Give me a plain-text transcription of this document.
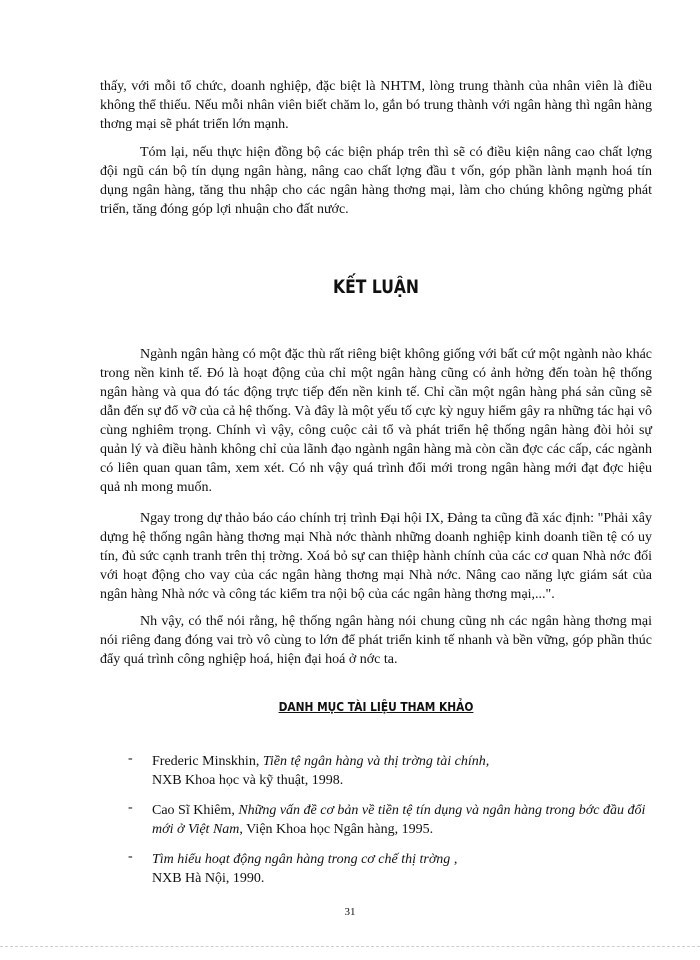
thấy, với mỗi tổ chức, doanh nghiệp, đặc biệt là NHTM, lòng trung thành của nhân viên là điều không thể thiếu. Nếu mỗi nhân viên biết chăm lo, gắn bó trung thành với ngân hàng thì ngân hàng thơng mại sẽ phát triển lớn mạnh.

Tóm lại, nếu thực hiện đồng bộ các biện pháp trên thì sẽ có điều kiện nâng cao chất lợng đội ngũ cán bộ tín dụng ngân hàng, nâng cao chất lợng đầu t vốn, góp phần lành mạnh hoá tín dụng ngân hàng, tăng thu nhập cho các ngân hàng thơng mại, làm cho chúng không ngừng phát triển, tăng đóng góp lợi nhuận cho đất nước.

KẾT LUẬN

Ngành ngân hàng có một đặc thù rất riêng biệt không giống với bất cứ một ngành nào khác trong nền kinh tế. Đó là hoạt động của chỉ một ngân hàng cũng có ảnh hởng đến toàn hệ thống ngân hàng và qua đó tác động trực tiếp đến nền kinh tế. Chỉ cần một ngân hàng phá sản cũng sẽ dẫn đến sự đổ vỡ của cả hệ thống. Và đây là một yếu tố cực kỳ nguy hiểm gây ra những tác hại vô cùng nghiêm trọng. Chính vì vậy, công cuộc cải tổ và phát triển hệ thống ngân hàng đòi hỏi sự quản lý và điều hành không chỉ của lãnh đạo ngành ngân hàng mà còn cần đợc các cấp, các ngành có liên quan quan tâm, xem xét. Có nh vậy quá trình đổi mới trong ngân hàng mới đạt đợc hiệu quả nh mong muốn.

Ngay trong dự thảo báo cáo chính trị trình Đại hội IX, Đảng ta cũng đã xác định: "Phải xây dựng hệ thống ngân hàng thơng mại Nhà nớc thành những doanh nghiệp kinh doanh tiền tệ có uy tín, đủ sức cạnh tranh trên thị trờng. Xoá bỏ sự can thiệp hành chính của các cơ quan Nhà nớc đối với hoạt động cho vay của các ngân hàng thơng mại Nhà nớc. Nâng cao năng lực giám sát của ngân hàng Nhà nớc và công tác kiểm tra nội bộ của các ngân hàng thơng mại,...".

Nh vậy, có thể nói rằng, hệ thống ngân hàng nói chung cũng nh các ngân hàng thơng mại nói riêng đang đóng vai trò vô cùng to lớn để phát triển kinh tế nhanh và bền vững, góp phần thúc đẩy quá trình công nghiệp hoá, hiện đại hoá ở nớc ta.

DANH MỤC TÀI LIỆU THAM KHẢO
- Frederic Minskhin, Tiền tệ ngân hàng và thị trờng tài chính,
NXB Khoa học và kỹ thuật, 1998.
- Cao Sĩ Khiêm, Những vấn đề cơ bản về tiền tệ tín dụng và ngân hàng trong bớc đầu đổi mới ở Việt Nam, Viện Khoa học Ngân hàng, 1995.
- Tìm hiểu hoạt động ngân hàng trong cơ chế thị trờng ,
NXB Hà Nội, 1990.
31
